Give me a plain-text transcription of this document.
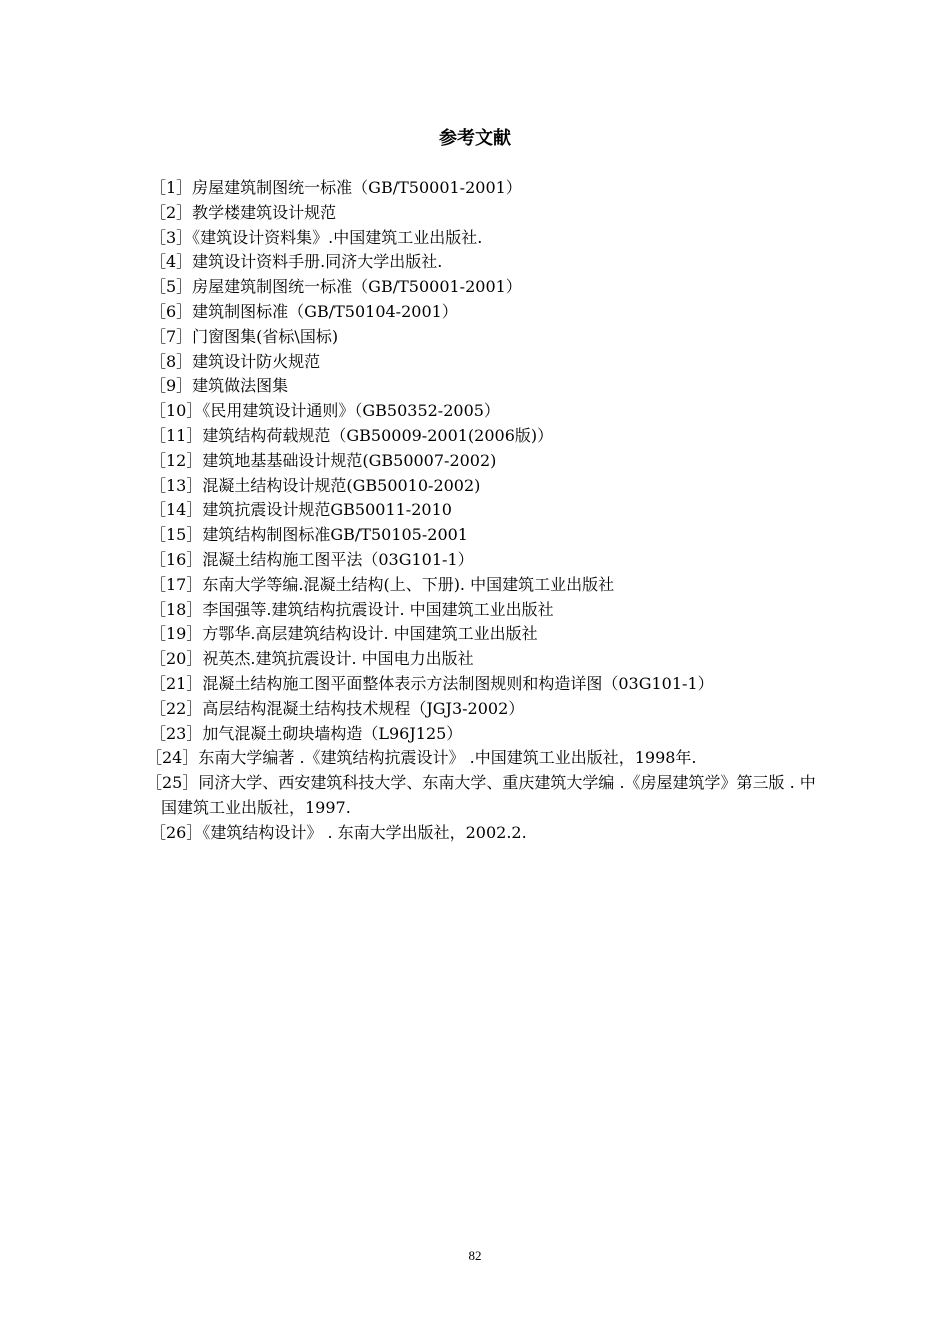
参考文献
［1］房屋建筑制图统一标准（GB/T50001-2001）
［2］教学楼建筑设计规范
［3］《建筑设计资料集》.中国建筑工业出版社.
［4］建筑设计资料手册.同济大学出版社.
［5］房屋建筑制图统一标准（GB/T50001-2001）
［6］建筑制图标准（GB/T50104-2001）
［7］门窗图集(省标\国标)
［8］建筑设计防火规范
［9］建筑做法图集
［10］《民用建筑设计通则》（GB50352-2005）
［11］建筑结构荷载规范（GB50009-2001(2006版)）
［12］建筑地基基础设计规范(GB50007-2002)
［13］混凝土结构设计规范(GB50010-2002)
［14］建筑抗震设计规范GB50011-2010
［15］建筑结构制图标准GB/T50105-2001
［16］混凝土结构施工图平法（03G101-1）
［17］东南大学等编.混凝土结构(上、下册). 中国建筑工业出版社
［18］李国强等.建筑结构抗震设计. 中国建筑工业出版社
［19］方鄂华.高层建筑结构设计. 中国建筑工业出版社
［20］祝英杰.建筑抗震设计. 中国电力出版社
［21］混凝土结构施工图平面整体表示方法制图规则和构造详图（03G101-1）
［22］高层结构混凝土结构技术规程（JGJ3-2002）
［23］加气混凝土砌块墙构造（L96J125）
［24］东南大学编著 .《建筑结构抗震设计》 .中国建筑工业出版社，1998年.
［25］同济大学、西安建筑科技大学、东南大学、重庆建筑大学编 .《房屋建筑学》第三版 . 中国建筑工业出版社，1997.
［26］《建筑结构设计》 . 东南大学出版社，2002.2.
82
